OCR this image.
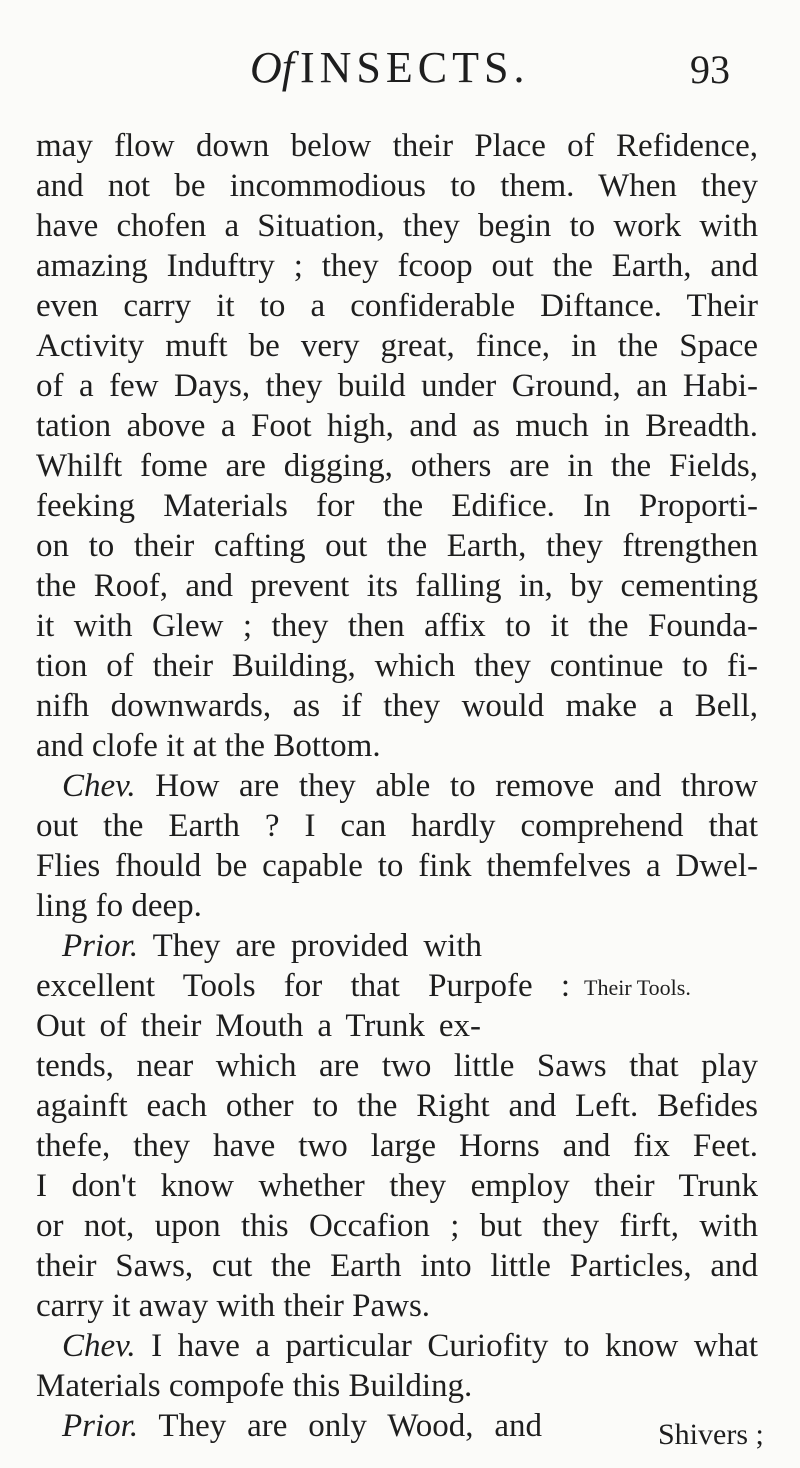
Of INSECTS.	93
may flow down below their Place of Refidence,
and not be incommodious to them. When they
have chofen a Situation, they begin to work with
amazing Induftry ; they fcoop out the Earth, and
even carry it to a confiderable Diftance. Their
Activity muft be very great, fince, in the Space
of a few Days, they build under Ground, an Habi-
tation above a Foot high, and as much in Breadth.
Whilft fome are digging, others are in the Fields,
feeking Materials for the Edifice. In Proporti-
on to their cafting out the Earth, they ftrengthen
the Roof, and prevent its falling in, by cementing
it with Glew ; they then affix to it the Founda-
tion of their Building, which they continue to fi-
nifh downwards, as if they would make a Bell,
and clofe it at the Bottom.
Chev. How are they able to remove and throw
out the Earth ? I can hardly comprehend that
Flies fhould be capable to fink themfelves a Dwel-
ling fo deep.
Prior. They are provided with
excellent Tools for that Purpofe :
Out of their Mouth a Trunk ex-
tends, near which are two little Saws that play
againft each other to the Right and Left. Befides
thefe, they have two large Horns and fix Feet.
I don't know whether they employ their Trunk
or not, upon this Occafion ; but they firft, with
their Saws, cut the Earth into little Particles, and
carry it away with their Paws.
Chev. I have a particular Curiofity to know what
Materials compofe this Building.
Prior. They are only Wood, and
Their Tools.
Shivers ;
